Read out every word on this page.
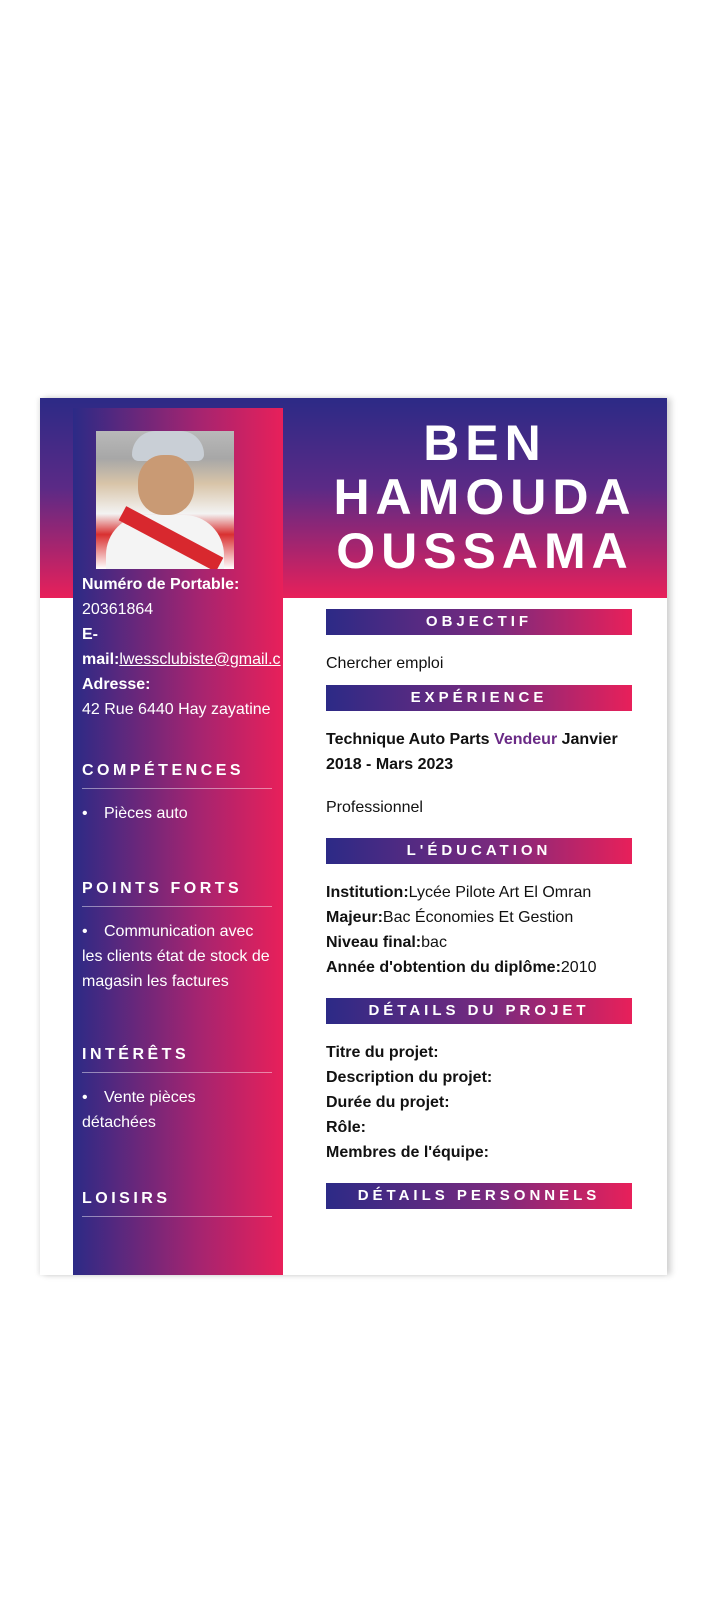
Numéro de Portable:
20361864
E-
mail:lwessclubiste@gmail.c
Adresse:
42 Rue 6440 Hay zayatine
COMPÉTENCES
• Pièces auto
POINTS FORTS
• Communication avec les clients état de stock de magasin les factures
INTÉRÊTS
• Vente pièces détachées
LOISIRS
BEN
HAMOUDA
OUSSAMA
OBJECTIF
Chercher emploi
EXPÉRIENCE
Technique Auto Parts Vendeur Janvier 2018 - Mars 2023
Professionnel
L'ÉDUCATION
Institution:Lycée Pilote Art El Omran
Majeur:Bac Économies Et Gestion
Niveau final:bac
Année d'obtention du diplôme:2010
DÉTAILS DU PROJET
Titre du projet:
Description du projet:
Durée du projet:
Rôle:
Membres de l'équipe:
DÉTAILS PERSONNELS
